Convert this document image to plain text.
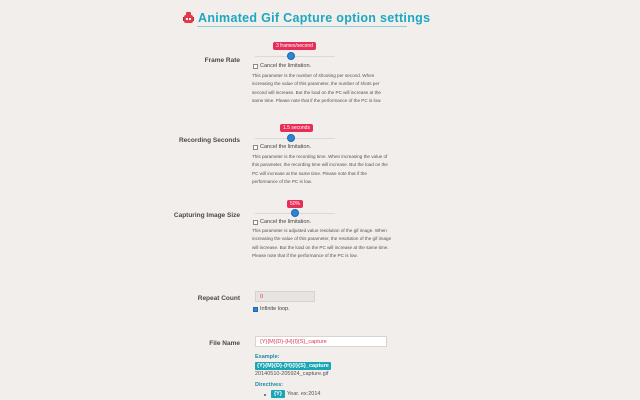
Animated Gif Capture option settings
Frame Rate
3 frames/second
Cancel the limitation.
This parameter is the number of shooting per second. When increasing the value of this parameter, the number of shots per second will increase. But the load on the PC will increase at the same time. Please note that if the performance of the PC is low.
Recording Seconds
1.5 seconds
Cancel the limitation.
This parameter is the recording time. When increasing the value of this parameter, the recording time will increase. But the load on the PC will increase at the same time. Please note that if the performance of the PC is low.
Capturing Image Size
50%
Cancel the limitation.
This parameter is adjusted value resolution of the gif image. When increasing the value of this parameter, the resolution of the gif image will increase. But the load on the PC will increase at the same time. Please note that if the performance of the PC is low.
Repeat Count	0
Infinite loop.
File Name	{Y}{M}{D}-{H}{I}{S}_capture
Example:
{Y}{M}{D}-{H}{I}{S}_capture
20140510-205924_capture.gif
Directives:
{Y} Year. ex:2014
